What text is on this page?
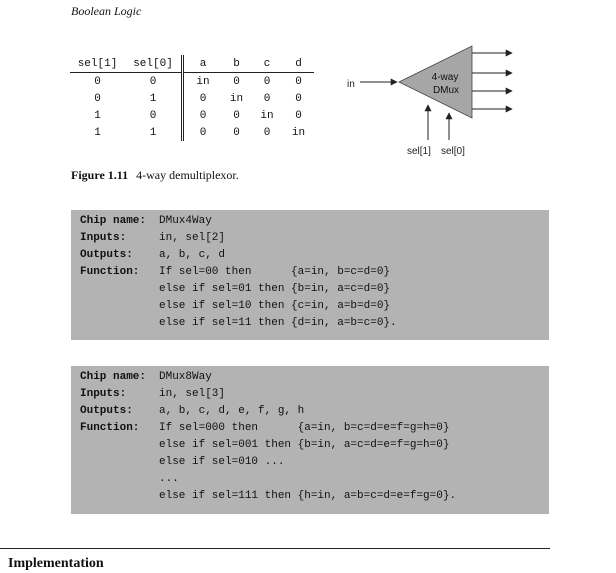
Boolean Logic
sel[1]	sel[0]		a	b	c	d
0	0		in	0	0	0
0	1		0	in	0	0
1	0		0	0	in	0
1	1		0	0	0	in
in
4-way
DMux
sel[1] sel[0]
Figure 1.11 4-way demultiplexor.
Chip name: DMux4Way
Inputs:	in, sel[2]
Outputs: a, b, c, d
Function: If sel=00 then      {a=in, b=c=d=0}
else if sel=01 then {b=in, a=c=d=0}
else if sel=10 then {c=in, a=b=d=0}
else if sel=11 then {d=in, a=b=c=0}.
Chip name: DMux8Way
Inputs:	in, sel[3]
Outputs: a, b, c, d, e, f, g, h
Function: If sel=000 then      {a=in, b=c=d=e=f=g=h=0}
else if sel=001 then {b=in, a=c=d=e=f=g=h=0}
else if sel=010 ...
...
else if sel=111 then {h=in, a=b=c=d=e=f=g=0}.
Implementation
